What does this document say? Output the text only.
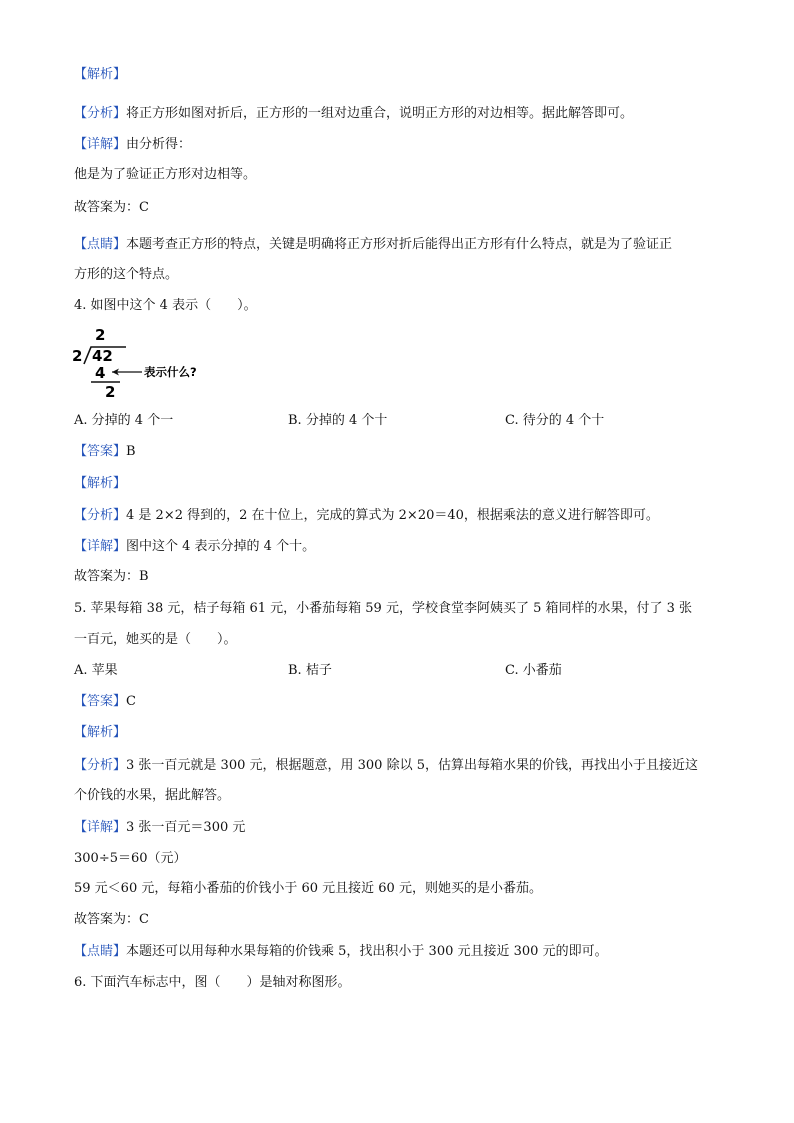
【解析】
【分析】将正方形如图对折后，正方形的一组对边重合，说明正方形的对边相等。据此解答即可。
【详解】由分析得：
他是为了验证正方形对边相等。
故答案为：C
【点睛】本题考查正方形的特点，关键是明确将正方形对折后能得出正方形有什么特点，就是为了验证正
方形的这个特点。
4. 如图中这个 4 表示（　　）。
2
2 42
4
2
表示什么?
A. 分掉的 4 个一	B. 分掉的 4 个十	C. 待分的 4 个十
【答案】B
【解析】
【分析】4 是 2×2 得到的，2 在十位上，完成的算式为 2×20＝40，根据乘法的意义进行解答即可。
【详解】图中这个 4 表示分掉的 4 个十。
故答案为：B
5. 苹果每箱 38 元，桔子每箱 61 元，小番茄每箱 59 元，学校食堂李阿姨买了 5 箱同样的水果，付了 3 张
一百元，她买的是（　　）。
A. 苹果	B. 桔子	C. 小番茄
【答案】C
【解析】
【分析】3 张一百元就是 300 元，根据题意，用 300 除以 5，估算出每箱水果的价钱，再找出小于且接近这
个价钱的水果，据此解答。
【详解】3 张一百元＝300 元
300÷5＝60（元）
59 元＜60 元，每箱小番茄的价钱小于 60 元且接近 60 元，则她买的是小番茄。
故答案为：C
【点睛】本题还可以用每种水果每箱的价钱乘 5，找出积小于 300 元且接近 300 元的即可。
6. 下面汽车标志中，图（　　）是轴对称图形。
